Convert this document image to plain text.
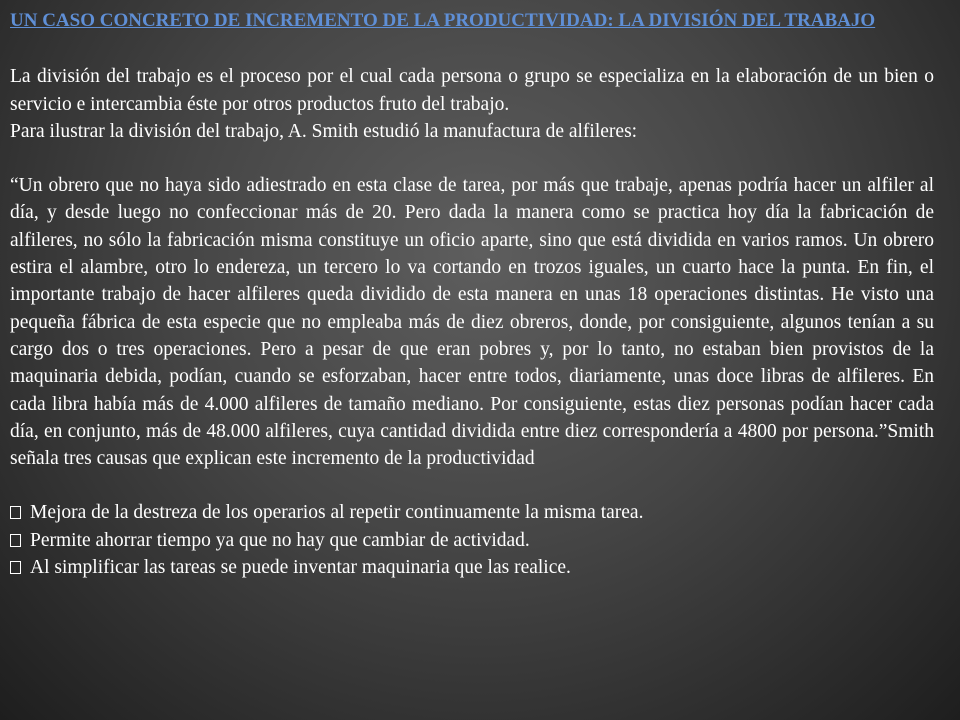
UN CASO CONCRETO DE INCREMENTO DE LA PRODUCTIVIDAD: LA DIVISIÓN DEL TRABAJO

La división del trabajo es el proceso por el cual cada persona o grupo se especializa en la elaboración de un bien o servicio e intercambia éste por otros productos fruto del trabajo.

Para ilustrar la división del trabajo, A. Smith estudió la manufactura de alfileres:

“Un obrero que no haya sido adiestrado en esta clase de tarea, por más que trabaje, apenas podría hacer un alfiler al día, y desde luego no confeccionar más de 20. Pero dada la manera como se practica hoy día la fabricación de alfileres, no sólo la fabricación misma constituye un oficio aparte, sino que está dividida en varios ramos. Un obrero estira el alambre, otro lo endereza, un tercero lo va cortando en trozos iguales, un cuarto hace la punta. En fin, el importante trabajo de hacer alfileres queda dividido de esta manera en unas 18 operaciones distintas. He visto una pequeña fábrica de esta especie que no empleaba más de diez obreros, donde, por consiguiente, algunos tenían a su cargo dos o tres operaciones. Pero a pesar de que eran pobres y, por lo tanto, no estaban bien provistos de la maquinaria debida, podían, cuando se esforzaban, hacer entre todos, diariamente, unas doce libras de alfileres. En cada libra había más de 4.000 alfileres de tamaño mediano. Por consiguiente, estas diez personas podían hacer cada día, en conjunto, más de 48.000 alfileres, cuya cantidad dividida entre diez correspondería a 4800 por persona.”Smith señala tres causas que explican este incremento de la productividad

Mejora de la destreza de los operarios al repetir continuamente la misma tarea.
Permite ahorrar tiempo ya que no hay que cambiar de actividad.
Al simplificar las tareas se puede inventar maquinaria que las realice.
